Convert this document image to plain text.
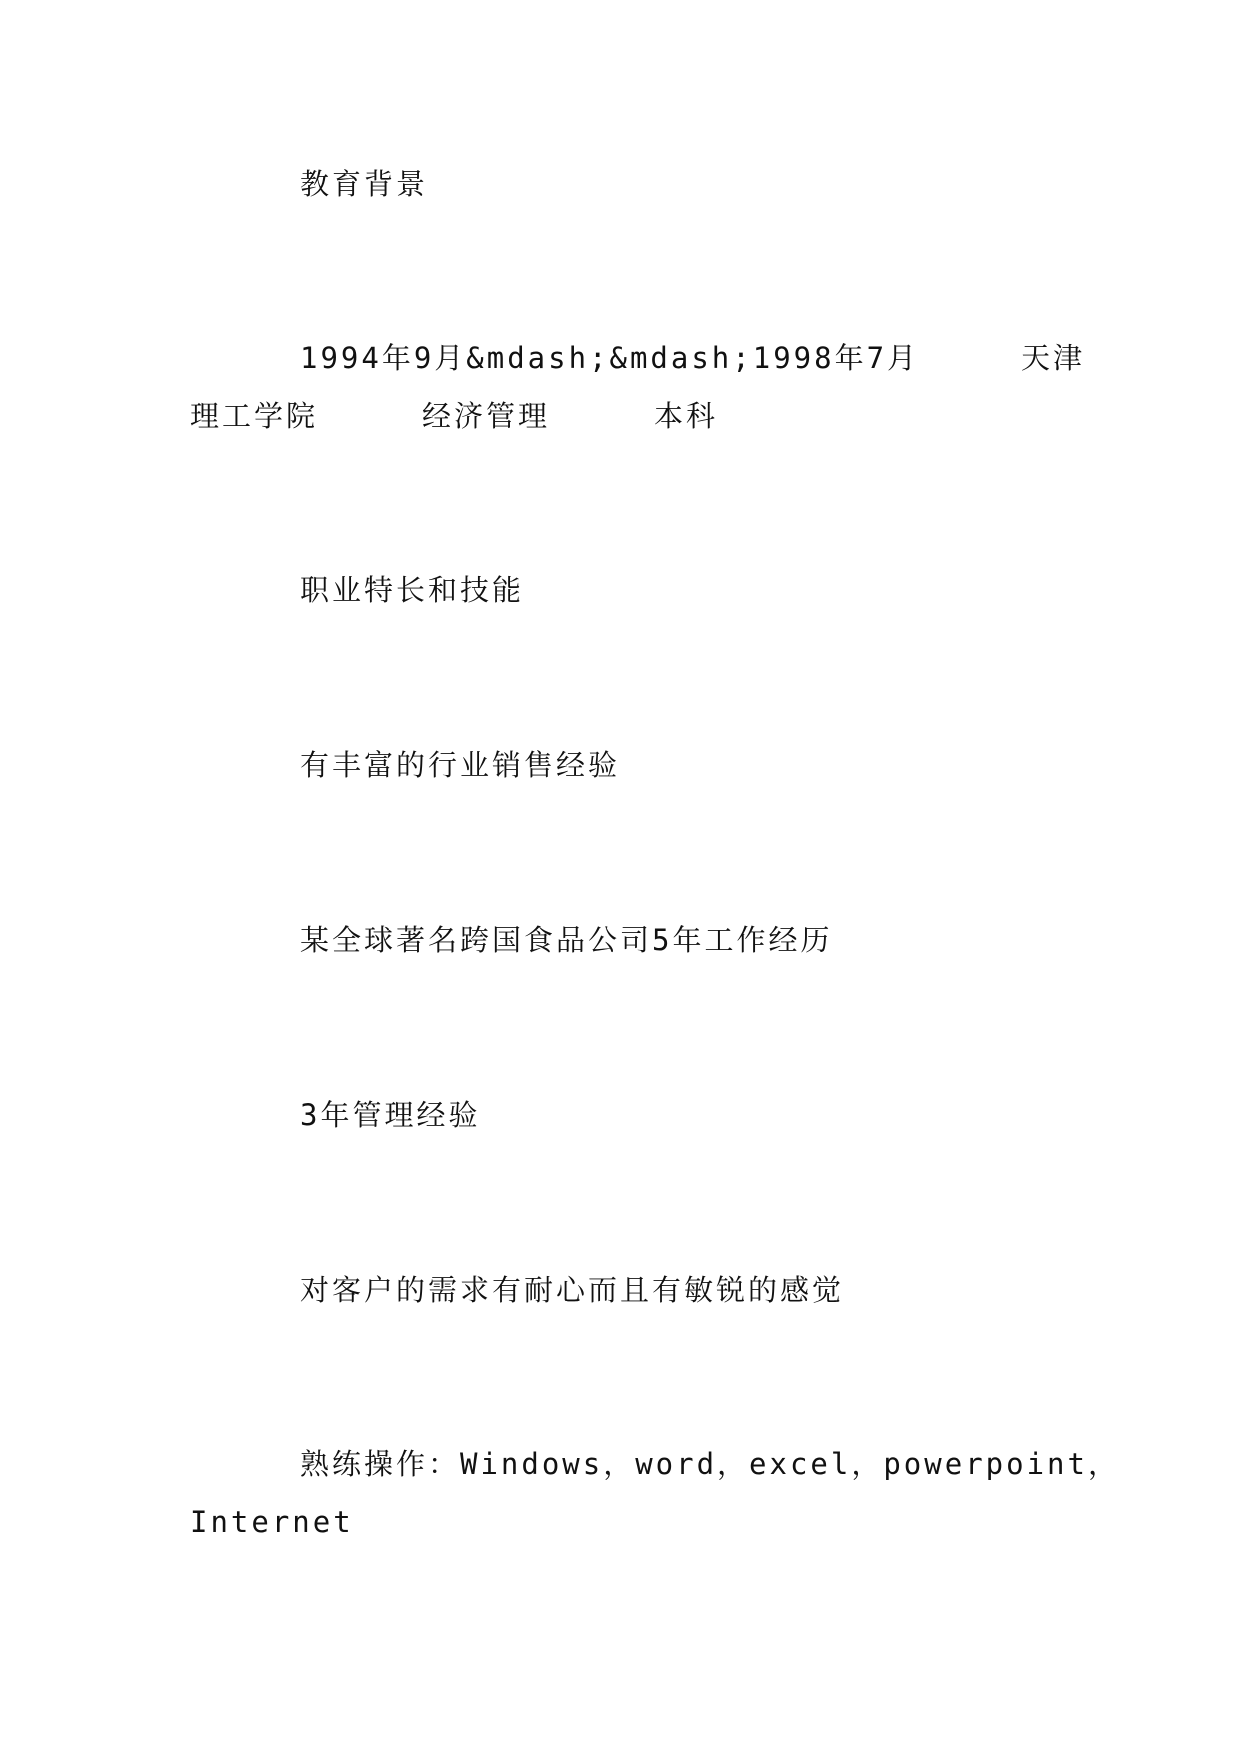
教育背景
1994年9月&mdash;&mdash;1998年7月	天津
理工学院	经济管理	本科
职业特长和技能
有丰富的行业销售经验
某全球著名跨国食品公司5年工作经历
3年管理经验
对客户的需求有耐心而且有敏锐的感觉
熟练操作：Windows，word，excel，powerpoint，
Internet
